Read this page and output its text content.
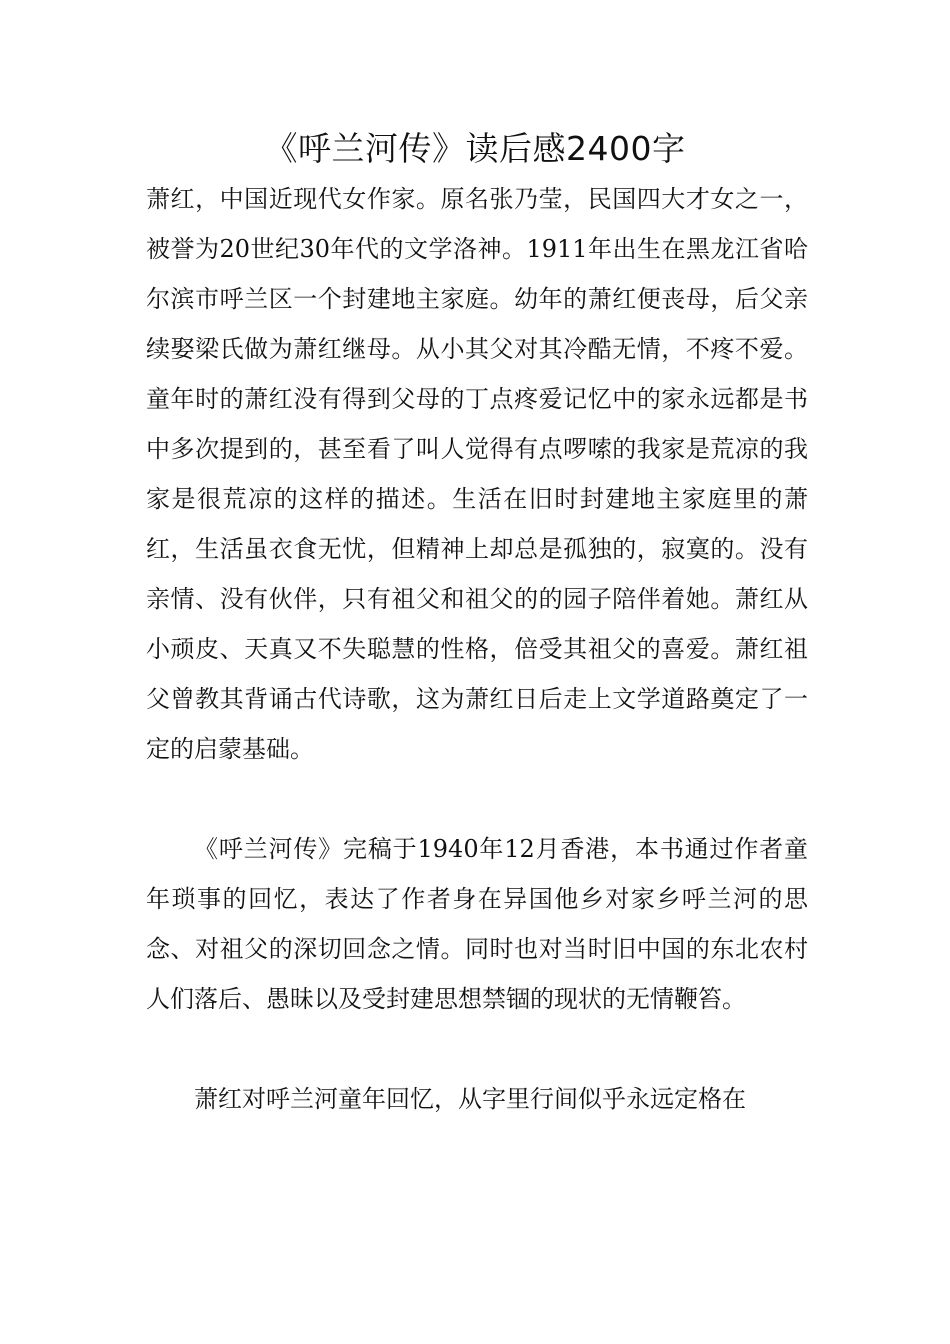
《呼兰河传》读后感2400字

萧红，中国近现代女作家。原名张乃莹，民国四大才女之一，被誉为20世纪30年代的文学洛神。1911年出生在黑龙江省哈尔滨市呼兰区一个封建地主家庭。幼年的萧红便丧母，后父亲续娶梁氏做为萧红继母。从小其父对其冷酷无情，不疼不爱。童年时的萧红没有得到父母的丁点疼爱记忆中的家永远都是书中多次提到的，甚至看了叫人觉得有点啰嗦的我家是荒凉的我家是很荒凉的这样的描述。生活在旧时封建地主家庭里的萧红，生活虽衣食无忧，但精神上却总是孤独的，寂寞的。没有亲情、没有伙伴，只有祖父和祖父的的园子陪伴着她。萧红从小顽皮、天真又不失聪慧的性格，倍受其祖父的喜爱。萧红祖父曾教其背诵古代诗歌，这为萧红日后走上文学道路奠定了一定的启蒙基础。

《呼兰河传》完稿于1940年12月香港，本书通过作者童年琐事的回忆，表达了作者身在异国他乡对家乡呼兰河的思念、对祖父的深切回念之情。同时也对当时旧中国的东北农村人们落后、愚昧以及受封建思想禁锢的现状的无情鞭笞。

萧红对呼兰河童年回忆，从字里行间似乎永远定格在
